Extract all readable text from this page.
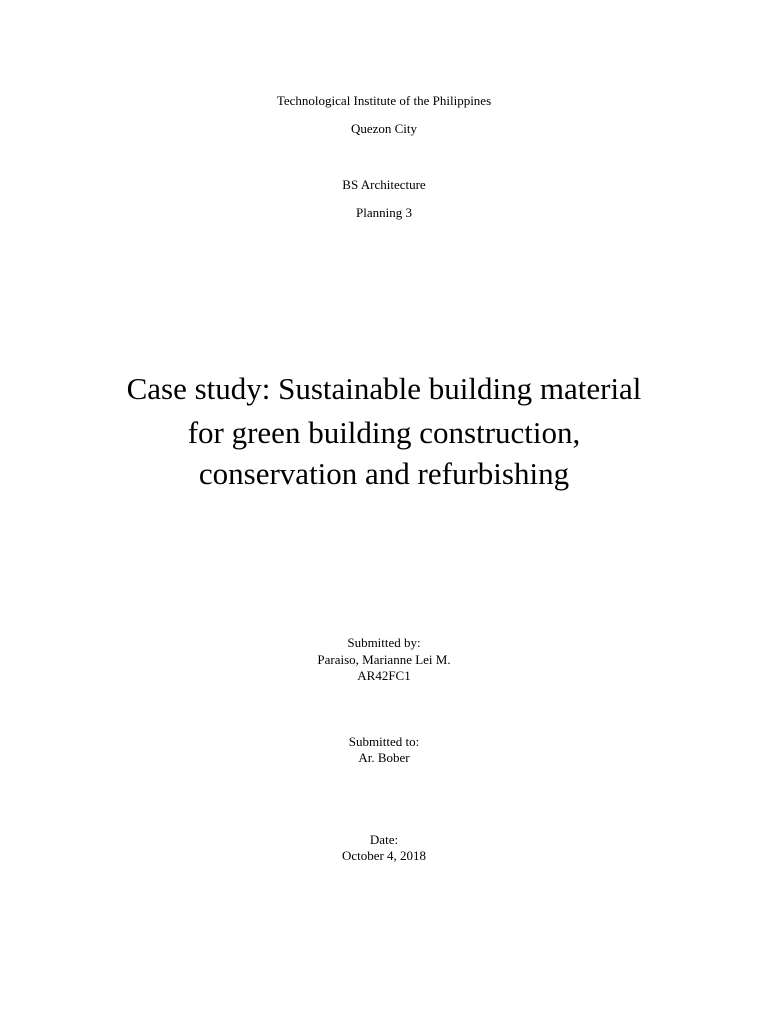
Technological Institute of the Philippines
Quezon City
BS Architecture
Planning 3
Case study: Sustainable building material
for green building construction,
conservation and refurbishing
Submitted by:
Paraiso, Marianne Lei M.
AR42FC1
Submitted to:
Ar. Bober
Date:
October 4, 2018
